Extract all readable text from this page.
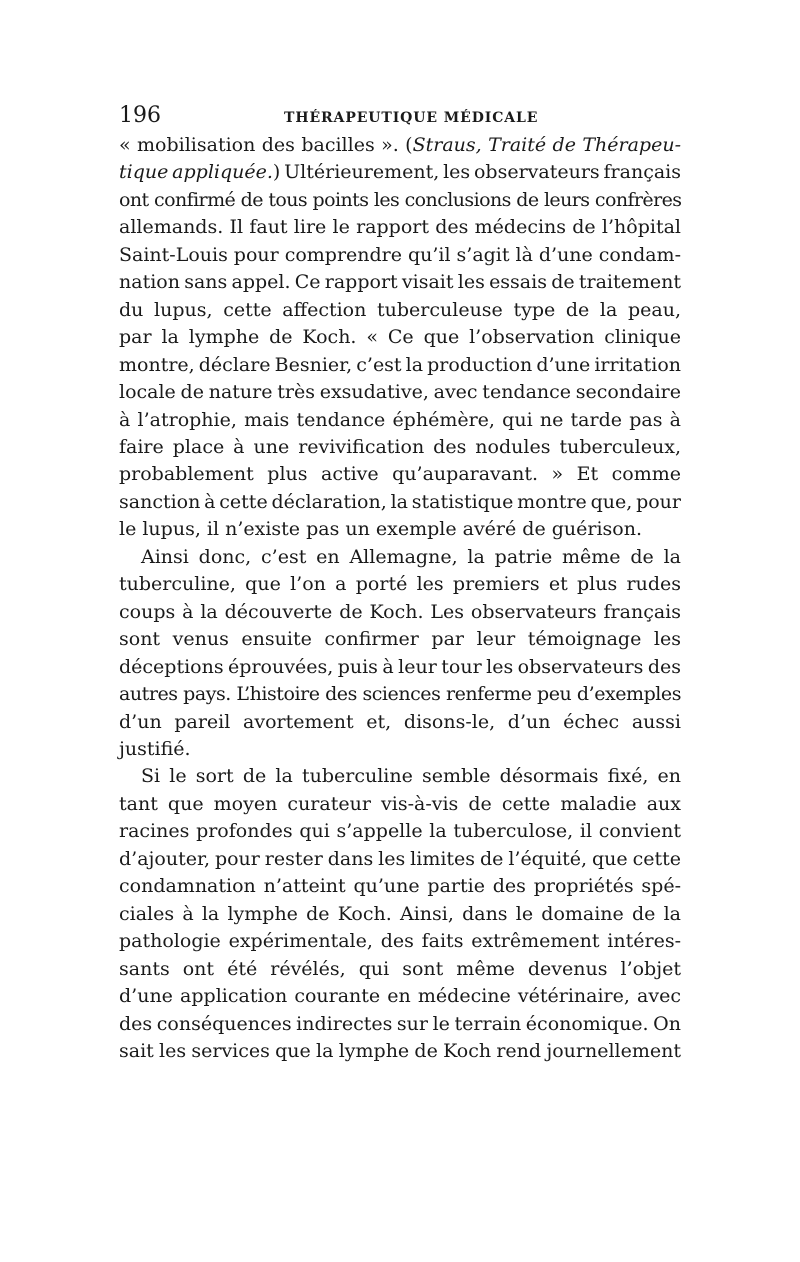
196	THÉRAPEUTIQUE MÉDICALE
« mobilisation des bacilles ». (Straus, Traité de Thérapeu-
tique appliquée.) Ultérieurement, les observateurs français
ont confirmé de tous points les conclusions de leurs confrères
allemands. Il faut lire le rapport des médecins de l’hôpital
Saint-Louis pour comprendre qu’il s’agit là d’une condam-
nation sans appel. Ce rapport visait les essais de traitement
du lupus, cette affection tuberculeuse type de la peau,
par la lymphe de Koch. « Ce que l’observation clinique
montre, déclare Besnier, c’est la production d’une irritation
locale de nature très exsudative, avec tendance secondaire
à l’atrophie, mais tendance éphémère, qui ne tarde pas à
faire place à une revivification des nodules tuberculeux,
probablement plus active qu’auparavant. » Et comme
sanction à cette déclaration, la statistique montre que, pour
le lupus, il n’existe pas un exemple avéré de guérison.
Ainsi donc, c’est en Allemagne, la patrie même de la
tuberculine, que l’on a porté les premiers et plus rudes
coups à la découverte de Koch. Les observateurs français
sont venus ensuite confirmer par leur témoignage les
déceptions éprouvées, puis à leur tour les observateurs des
autres pays. L’histoire des sciences renferme peu d’exemples
d’un pareil avortement et, disons-le, d’un échec aussi
justifié.
Si le sort de la tuberculine semble désormais fixé, en
tant que moyen curateur vis-à-vis de cette maladie aux
racines profondes qui s’appelle la tuberculose, il convient
d’ajouter, pour rester dans les limites de l’équité, que cette
condamnation n’atteint qu’une partie des propriétés spé-
ciales à la lymphe de Koch. Ainsi, dans le domaine de la
pathologie expérimentale, des faits extrêmement intéres-
sants ont été révélés, qui sont même devenus l’objet
d’une application courante en médecine vétérinaire, avec
des conséquences indirectes sur le terrain économique. On
sait les services que la lymphe de Koch rend journellement
